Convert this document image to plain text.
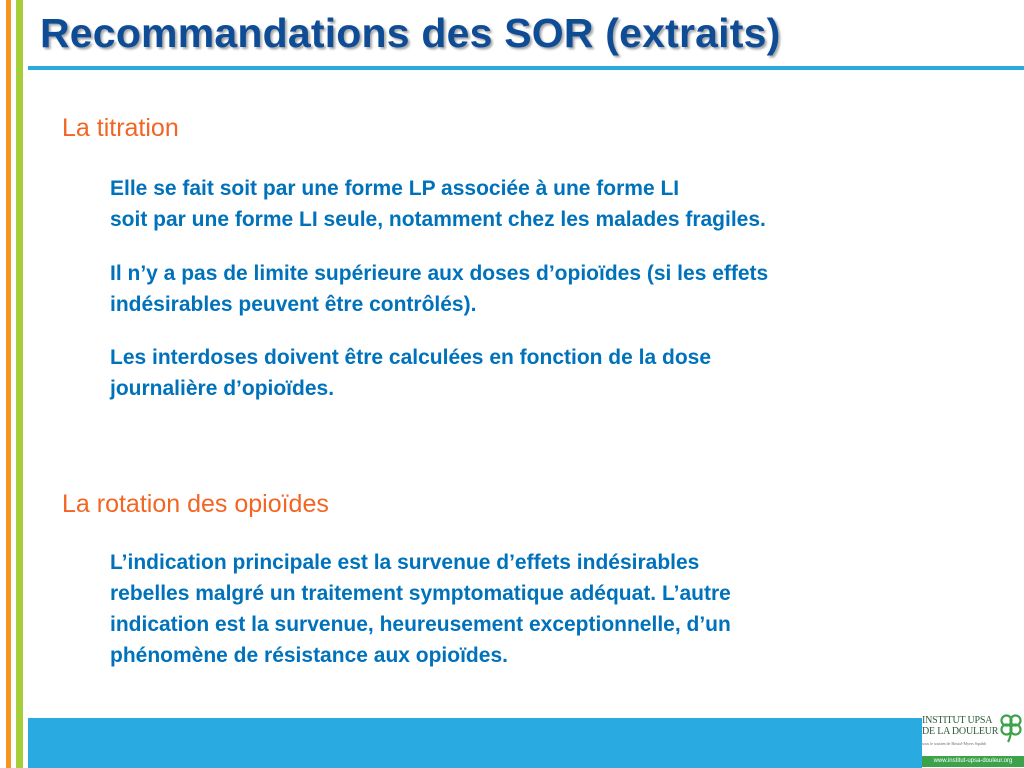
Recommandations des SOR (extraits)
La titration

Elle se fait soit par une forme LP associée à une forme LI
soit par une forme LI seule, notamment chez les malades fragiles.

Il n’y a pas de limite supérieure aux doses d’opioïdes (si les effets
indésirables peuvent être contrôlés).

Les interdoses doivent être calculées en fonction de la dose
journalière d’opioïdes.

La rotation des opioïdes

L’indication principale est la survenue d’effets indésirables
rebelles malgré un traitement symptomatique adéquat. L’autre
indication est la survenue, heureusement exceptionnelle, d’un
phénomène de résistance aux opioïdes.

INSTITUT UPSA
DE LA DOULEUR
sous le soutien de Bristol-Myers Squibb
www.institut-upsa-douleur.org
